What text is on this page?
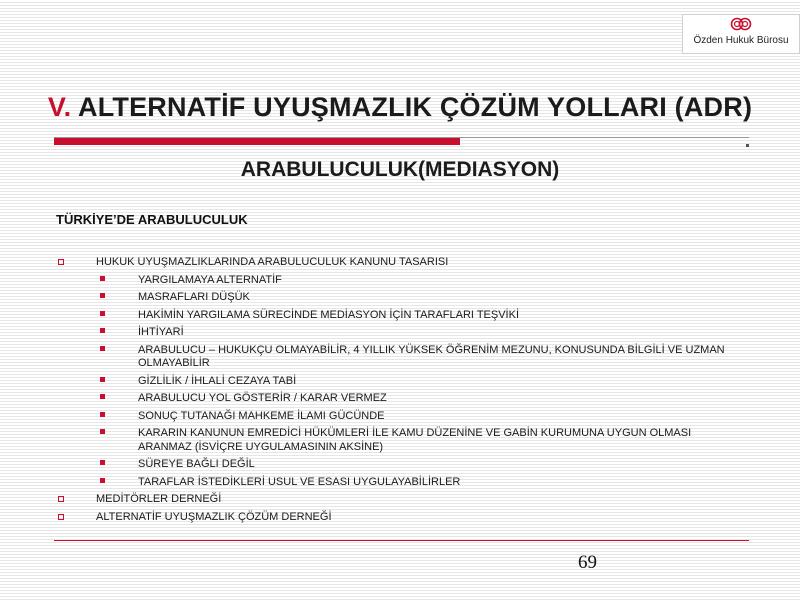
Özden Hukuk Bürosu
V. ALTERNATİF UYUŞMAZLIK ÇÖZÜM YOLLARI (ADR)
ARABULUCULUK(MEDIASYON)
TÜRKİYE’DE ARABULUCULUK
HUKUK UYUŞMAZLIKLARINDA ARABULUCULUK KANUNU TASARISI
YARGILAMAYA ALTERNATİF
MASRAFLARI DÜŞÜK
HAKİMİN YARGILAMA SÜRECİNDE MEDİASYON İÇİN TARAFLARI TEŞVİKİ
İHTİYARİ
ARABULUCU – HUKUKÇU OLMAYABİLİR, 4 YILLIK YÜKSEK ÖĞRENİM MEZUNU, KONUSUNDA BİLGİLİ VE UZMAN OLMAYABİLİR
GİZLİLİK / İHLALİ CEZAYA TABİ
ARABULUCU YOL GÖSTERİR / KARAR VERMEZ
SONUÇ TUTANAĞI MAHKEME İLAMI GÜCÜNDE
KARARIN KANUNUN EMREDİCİ HÜKÜMLERİ İLE KAMU DÜZENİNE VE GABİN KURUMUNA UYGUN OLMASI ARANMAZ (İSVİÇRE UYGULAMASININ AKSİNE)
SÜREYE BAĞLI DEĞİL
TARAFLAR İSTEDİKLERİ USUL VE ESASI UYGULAYABİLİRLER
MEDİTÖRLER DERNEĞİ
ALTERNATİF UYUŞMAZLIK ÇÖZÜM DERNEĞİ
69
